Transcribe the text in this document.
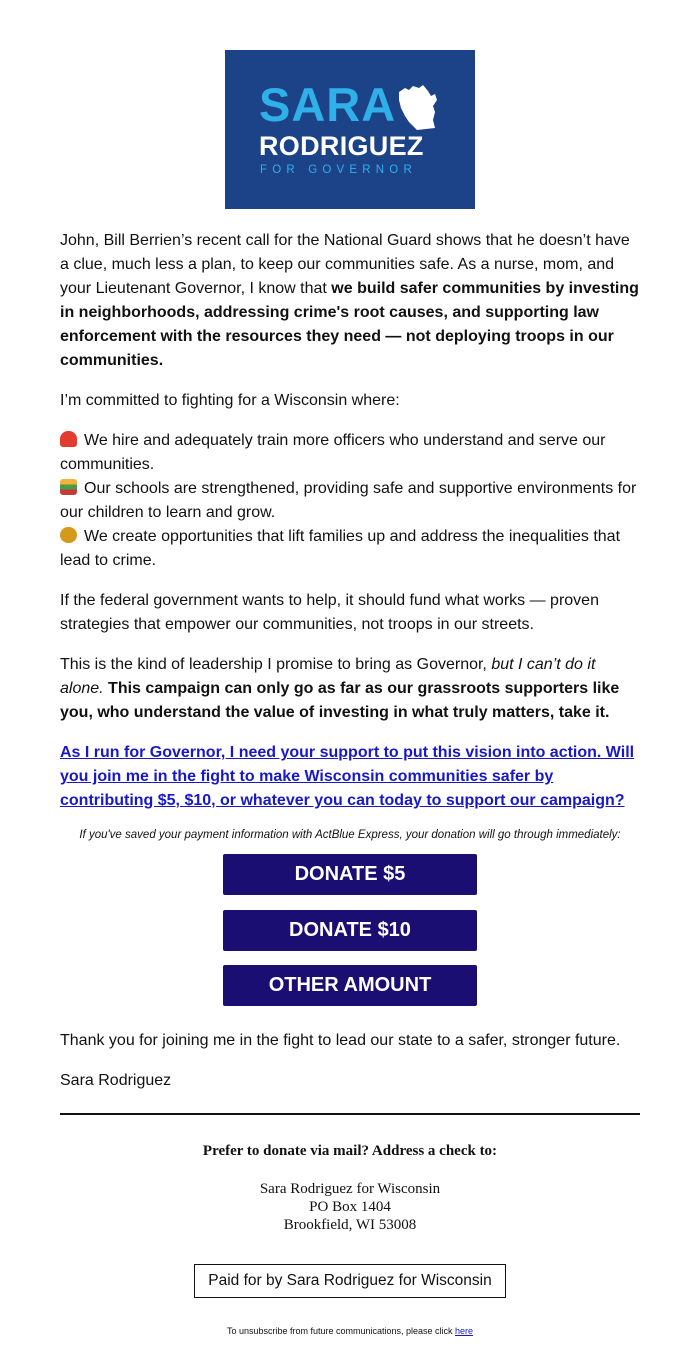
SARA
RODRIGUEZ
FOR GOVERNOR

John, Bill Berrien’s recent call for the National Guard shows that he doesn’t have a clue, much less a plan, to keep our communities safe. As a nurse, mom, and your Lieutenant Governor, I know that we build safer communities by investing in neighborhoods, addressing crime's root causes, and supporting law enforcement with the resources they need — not deploying troops in our communities.

I’m committed to fighting for a Wisconsin where:

We hire and adequately train more officers who understand and serve our communities.
Our schools are strengthened, providing safe and supportive environments for our children to learn and grow.
We create opportunities that lift families up and address the inequalities that lead to crime.

If the federal government wants to help, it should fund what works — proven strategies that empower our communities, not troops in our streets.

This is the kind of leadership I promise to bring as Governor, but I can’t do it alone. This campaign can only go as far as our grassroots supporters like you, who understand the value of investing in what truly matters, take it.

As I run for Governor, I need your support to put this vision into action. Will you join me in the fight to make Wisconsin communities safer by contributing $5, $10, or whatever you can today to support our campaign?
If you've saved your payment information with ActBlue Express, your donation will go through immediately:
DONATE $5
DONATE $10
OTHER AMOUNT
Thank you for joining me in the fight to lead our state to a safer, stronger future.
Sara Rodriguez
Prefer to donate via mail? Address a check to:
Sara Rodriguez for Wisconsin
PO Box 1404
Brookfield, WI 53008
Paid for by Sara Rodriguez for Wisconsin
To unsubscribe from future communications, please click here
